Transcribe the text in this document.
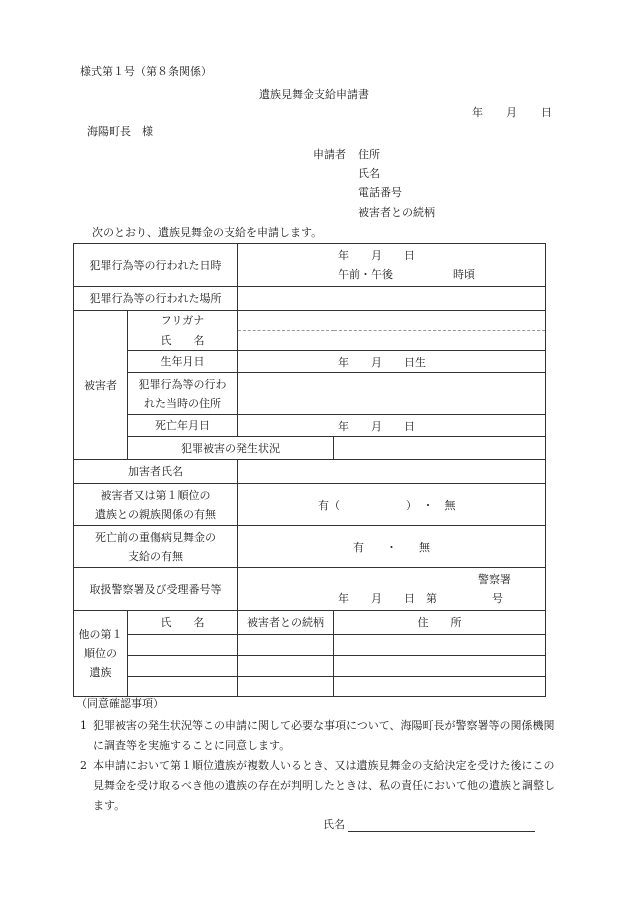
様式第１号（第８条関係）
遺族見舞金支給申請書
年 月 日
海陽町長　様
申請者 住所
氏名
電話番号
被害者との続柄
次のとおり、遺族見舞金の支給を申請します。
犯罪行為等の行われた日時		年　　月　　日
午前・午後 時頃	

犯罪行為等の行われた場所			
被害者	フリガナ		
	氏　　名		
	生年月日	年　　月　　日生	

	犯罪行為等の行わ
れた当時の住所		

	死亡年月日	年　　月　　日	

	犯罪被害の発生状況		
加害者氏名			

被害者又は第１順位の
遺族との親族関係の有無		有（　　　　　　）　・　無	

死亡前の重傷病見舞金の
支給の有無		有　　・　　無	

取扱警察署及び受理番号等		警察署
年　　月　　日　第　　　　　号	

他の第１
順位の
遺族	氏　　名	被害者との続柄	住　　所

（同意確認事項）
1 犯罪被害の発生状況等この申請に関して必要な事項について、海陽町長が警察署等の関係機関に調査等を実施することに同意します。
2 本申請において第１順位遺族が複数人いるとき、又は遺族見舞金の支給決定を受けた後にこの見舞金を受け取るべき他の遺族の存在が判明したときは、私の責任において他の遺族と調整します。
氏名
